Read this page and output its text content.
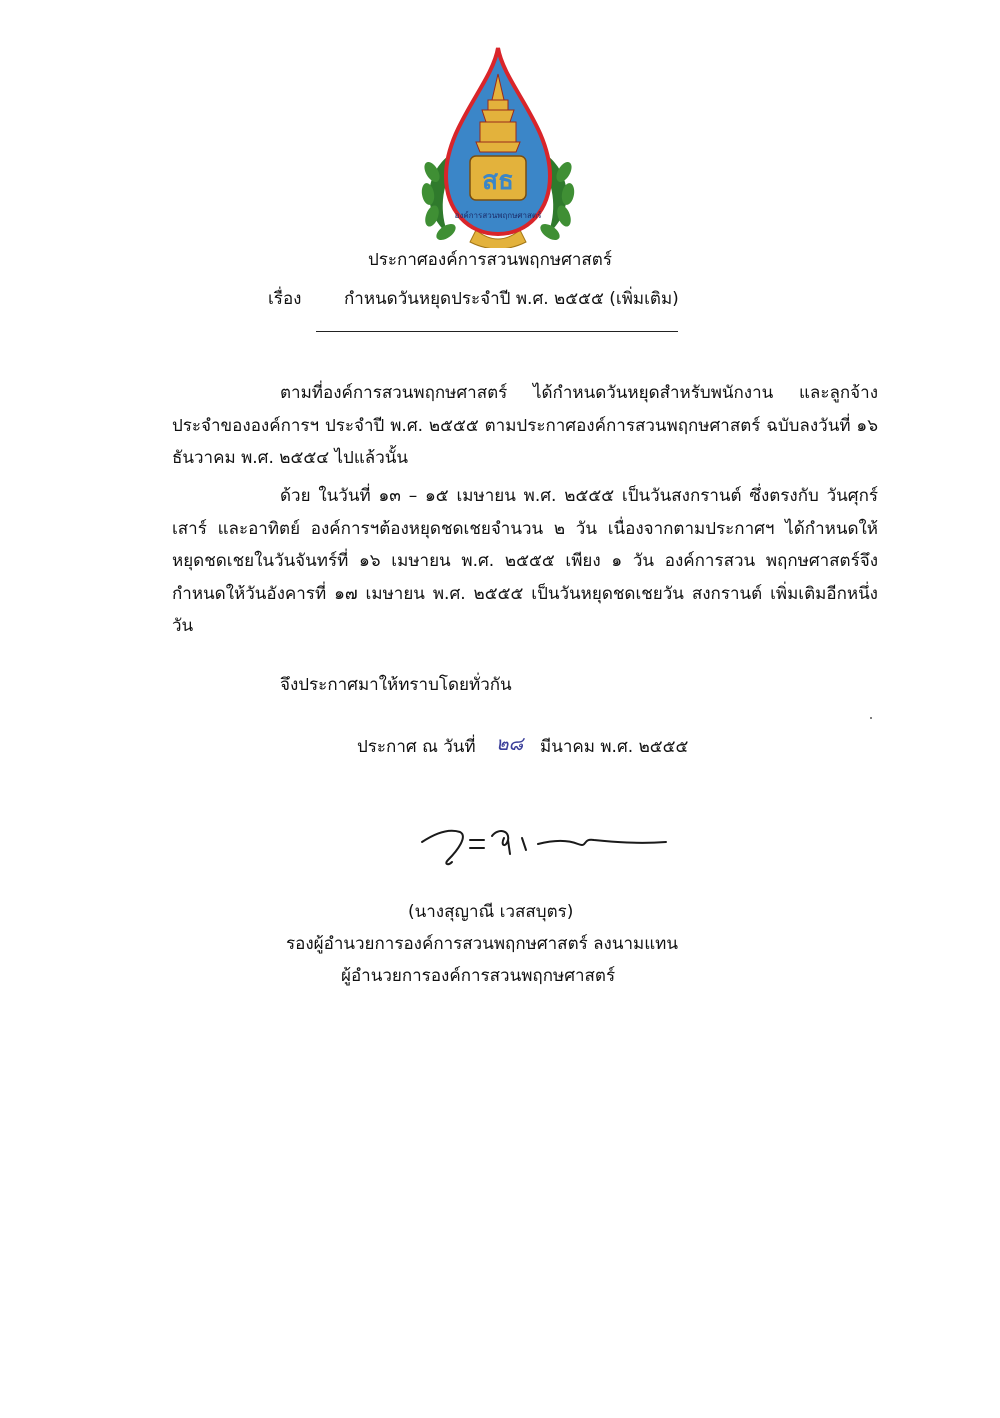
สธ
องค์การสวนพฤกษศาสตร์
ประกาศองค์การสวนพฤกษศาสตร์
เรื่อง	กำหนดวันหยุดประจำปี พ.ศ. ๒๕๕๕ (เพิ่มเติม)
ตามที่องค์การสวนพฤกษศาสตร์ ได้กำหนดวันหยุดสำหรับพนักงาน และลูกจ้างประจำขององค์การฯ ประจำปี พ.ศ. ๒๕๕๕ ตามประกาศองค์การสวนพฤกษศาสตร์ ฉบับลงวันที่ ๑๖ ธันวาคม พ.ศ. ๒๕๕๔ ไปแล้วนั้น
ด้วย ในวันที่ ๑๓ – ๑๕ เมษายน พ.ศ. ๒๕๕๕ เป็นวันสงกรานต์ ซึ่งตรงกับ วันศุกร์ เสาร์ และอาทิตย์ องค์การฯต้องหยุดชดเชยจำนวน ๒ วัน เนื่องจากตามประกาศฯ ได้กำหนดให้หยุดชดเชยในวันจันทร์ที่ ๑๖ เมษายน พ.ศ. ๒๕๕๕ เพียง ๑ วัน องค์การสวน พฤกษศาสตร์จึงกำหนดให้วันอังคารที่ ๑๗ เมษายน พ.ศ. ๒๕๕๕ เป็นวันหยุดชดเชยวัน สงกรานต์ เพิ่มเติมอีกหนึ่งวัน
จึงประกาศมาให้ทราบโดยทั่วกัน
ประกาศ ณ วันที่ ๒๘ มีนาคม พ.ศ. ๒๕๕๕
(นางสุญาณี เวสสบุตร)
รองผู้อำนวยการองค์การสวนพฤกษศาสตร์ ลงนามแทน
ผู้อำนวยการองค์การสวนพฤกษศาสตร์
